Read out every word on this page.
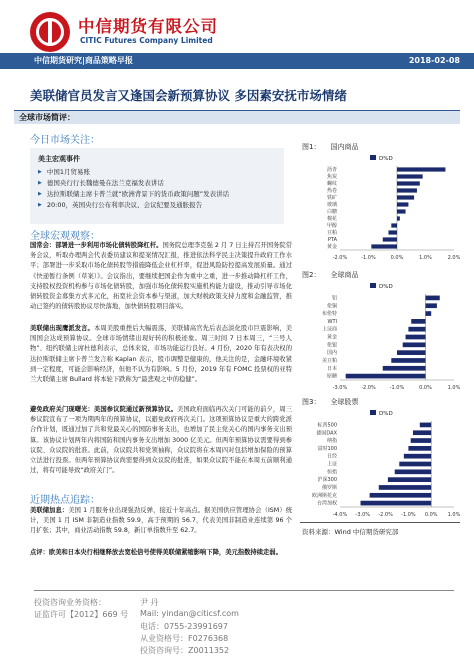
中信期货有限公司
CITIC Futures Company Limited
中信期货研究|商品策略早报	2018-02-08
美联储官员发言又逢国会新预算协议 多因素安抚市场情绪
全球市场简评：
今日市场关注：
美主宏观事件
▶ 中国1月贸易账
▶ 德国央行行长魏德曼在法兰克福发表讲话
▶ 达拉斯联储主席卡普兰就“欧洲背景下的货币政策问题”发表讲话
▶ 20:00，英国央行公布利率决议、会议纪要及通胀报告
全球宏观观察：
国常会：部署进一步利用市场化债转股降杠杆。国务院总理李克强 2 月 7 日主持召开国务院常务会议，听取办理两会代表委员建议和提案情况汇报，推进依法科学民主决策提升政府工作水平；部署进一步采取市场化债转股等措施降低企业杠杆率，促进风险防控提高发展质量。通过《快递暂行条例（草案）》。会议指出，要继续把国企作为重中之重，进一步推动降杠杆工作，支持股权投资机构参与市场化债转股，加强市场化债转股实施机构能力建设，推动引导市场化债转股资金募集方式多元化，拓宽社会资本参与渠道，加大财税政策支持力度和金融监管，推动已签约的债转股协议尽快落地，加快债转股项目落实。
美联储出现鹰派发言。本周美股重挫后大幅震荡，美联储高官先后表态淡化股市巨震影响，美国国会达成预算协议。全球市场情绪出现好转的积极迹象。周三时间 7 日本周三，“三号人物”、纽约联储主席杜德利表示，总体来说，市场功能运行良好。4 月份，2020 年有表决权的达拉斯联储主席卡普兰发言称 Kaplan 表示，股市调整是健康的，他关注的是，金融环境收紧到一定程度，可能会影响经济，但他不认为有影响。5 月份，2019 年有 FOMC 投票权的亚特兰大联储主席 Bullard 将本轮下跌称为“最悲观之中的稳健”。
避免政府关门现曙光：美国参议院通过新预算协议。美国政府面临再次关门可能的前夕，周三参议院宣布了一项为期两年的预算协议，以避免政府再次关门。这项预算协议是重大的跨党派合作计划，既通过加了共和党最关心的国防事务支出，也增加了民主党关心的国内事务支出预算。该协议计划两年内将国防和国内事务支出增加 3000 亿美元。但两年预算协议需要得到参议院、众议院的批准。此前，众议院共和党领袖称，众议院将在本周四对包括增加保险的预算立法进行投票。但两年预算协议尚需要得到众议院的批准，如果众议院不能在本周五前顺利通过，将有可能导致“政府关门”。
近期热点追踪：
美联储加息：美国 1 月服务业出现强劲反弹，接近十年高点。据美国供应管理协会（ISM）统计，美国 1 月 ISM 非制造业指数 59.9，高于预期的 56.7，代表美国非制造业连续第 96 个月扩张；其中，商业活动指数 59.8，新订单指数升至 62.7。
点评：欧美和日本央行相继释放去宽松信号使得美联储紧缩影响下降，美元指数持续走弱。
图1： 国内商品
D%D
沥青
焦炭
螺纹
热卷
铁矿
玻璃
白糖
棉花
甲醇
豆粕
PTA
黄金
-2.0%	-1.0%	0.0%	1.0%	2.0%
图2： 全球商品
D%D
铝
伦铜
布伦特
WTI
上证商
黄金
伦银
国内
美豆粕
日本
原糖
-3.0%	-2.0%	-1.0%	0.0%	1.0%
图3： 全球股票
D%D
标普500
德国DAX
纳指
富时100
日经
上证
恒指
沪深300
俄罗斯
欧洲斯托克
台湾加权
-4.0% -3.0% -2.0% -1.0% 0.0% 1.0%
资料来源：Wind 中信期货研究部
投资咨询业务资格：
证监许可【2012】669 号
尹 丹
Mail: yindan@citicsf.com
电话：0755-23991697
从业资格号：F0276368
投资咨询号：Z0011352
